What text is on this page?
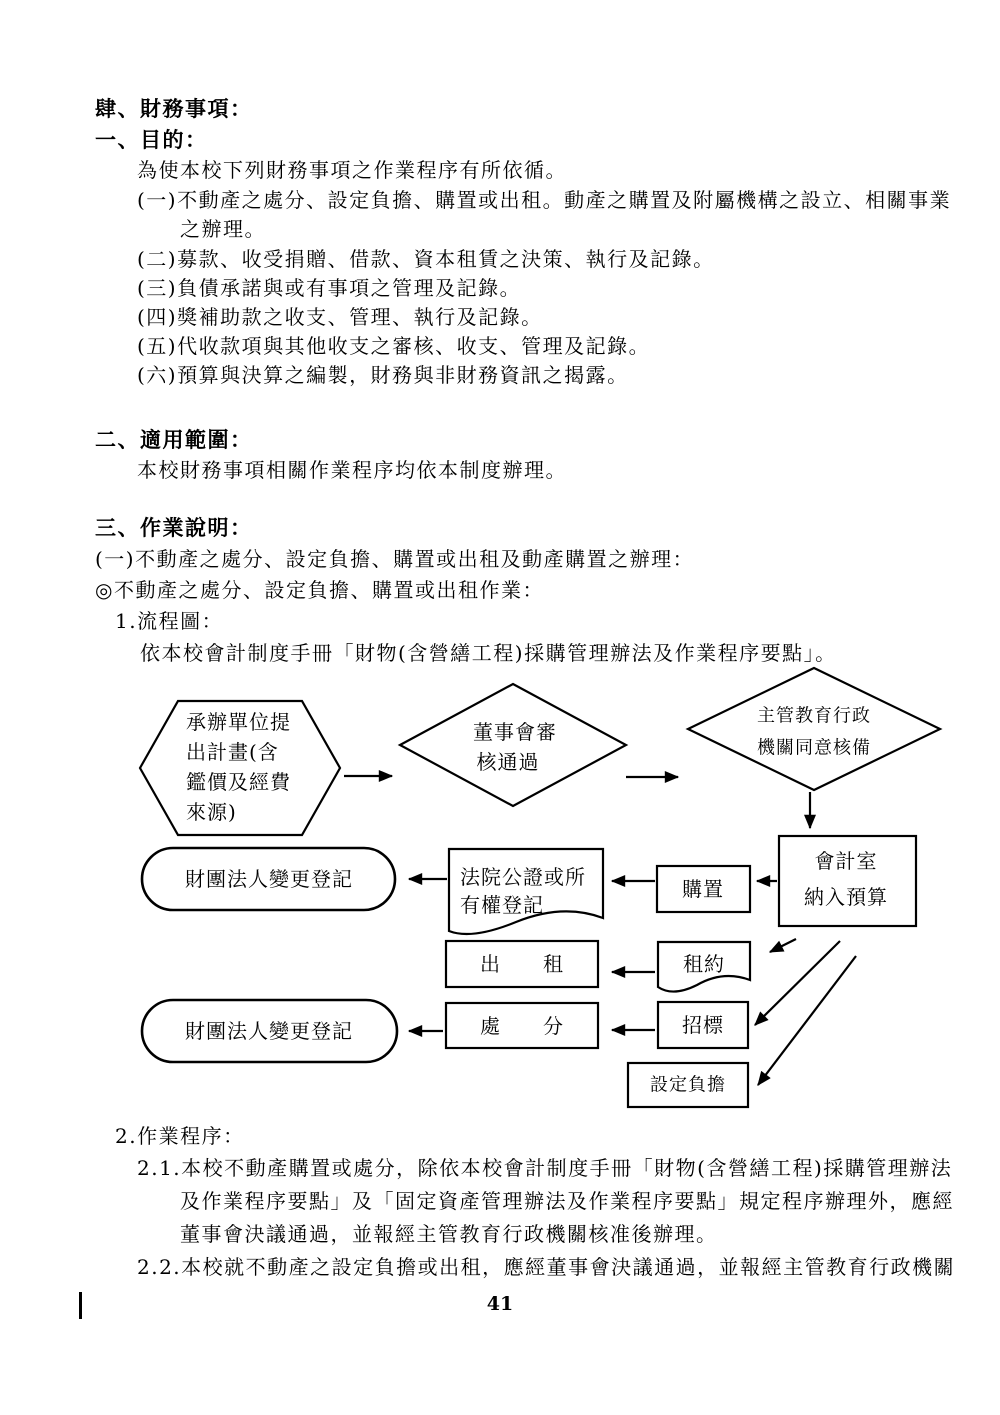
肆、財務事項：
一、目的：
為使本校下列財務事項之作業程序有所依循。
(一)不動產之處分、設定負擔、購置或出租。動產之購置及附屬機構之設立、相關事業
之辦理。
(二)募款、收受捐贈、借款、資本租賃之決策、執行及記錄。
(三)負債承諾與或有事項之管理及記錄。
(四)獎補助款之收支、管理、執行及記錄。
(五)代收款項與其他收支之審核、收支、管理及記錄。
(六)預算與決算之編製，財務與非財務資訊之揭露。
二、適用範圍：
本校財務事項相關作業程序均依本制度辦理。
三、作業說明：
(一)不動產之處分、設定負擔、購置或出租及動產購置之辦理：
◎不動產之處分、設定負擔、購置或出租作業：
1.流程圖：
依本校會計制度手冊「財物(含營繕工程)採購管理辦法及作業程序要點」。
2.作業程序：
2.1.本校不動產購置或處分，除依本校會計制度手冊「財物(含營繕工程)採購管理辦法
及作業程序要點」及「固定資產管理辦法及作業程序要點」規定程序辦理外，應經
董事會決議通過，並報經主管教育行政機關核准後辦理。
2.2.本校就不動產之設定負擔或出租，應經董事會決議通過，並報經主管教育行政機關
承辦單位提
出計畫(含
鑑價及經費
來源)
董事會審
核通過
主管教育行政
機關同意核備
會計室
納入預算
購置
法院公證或所
有權登記
財團法人變更登記
出　　租	租約
處　　分	招標
財團法人變更登記
設定負擔
41
